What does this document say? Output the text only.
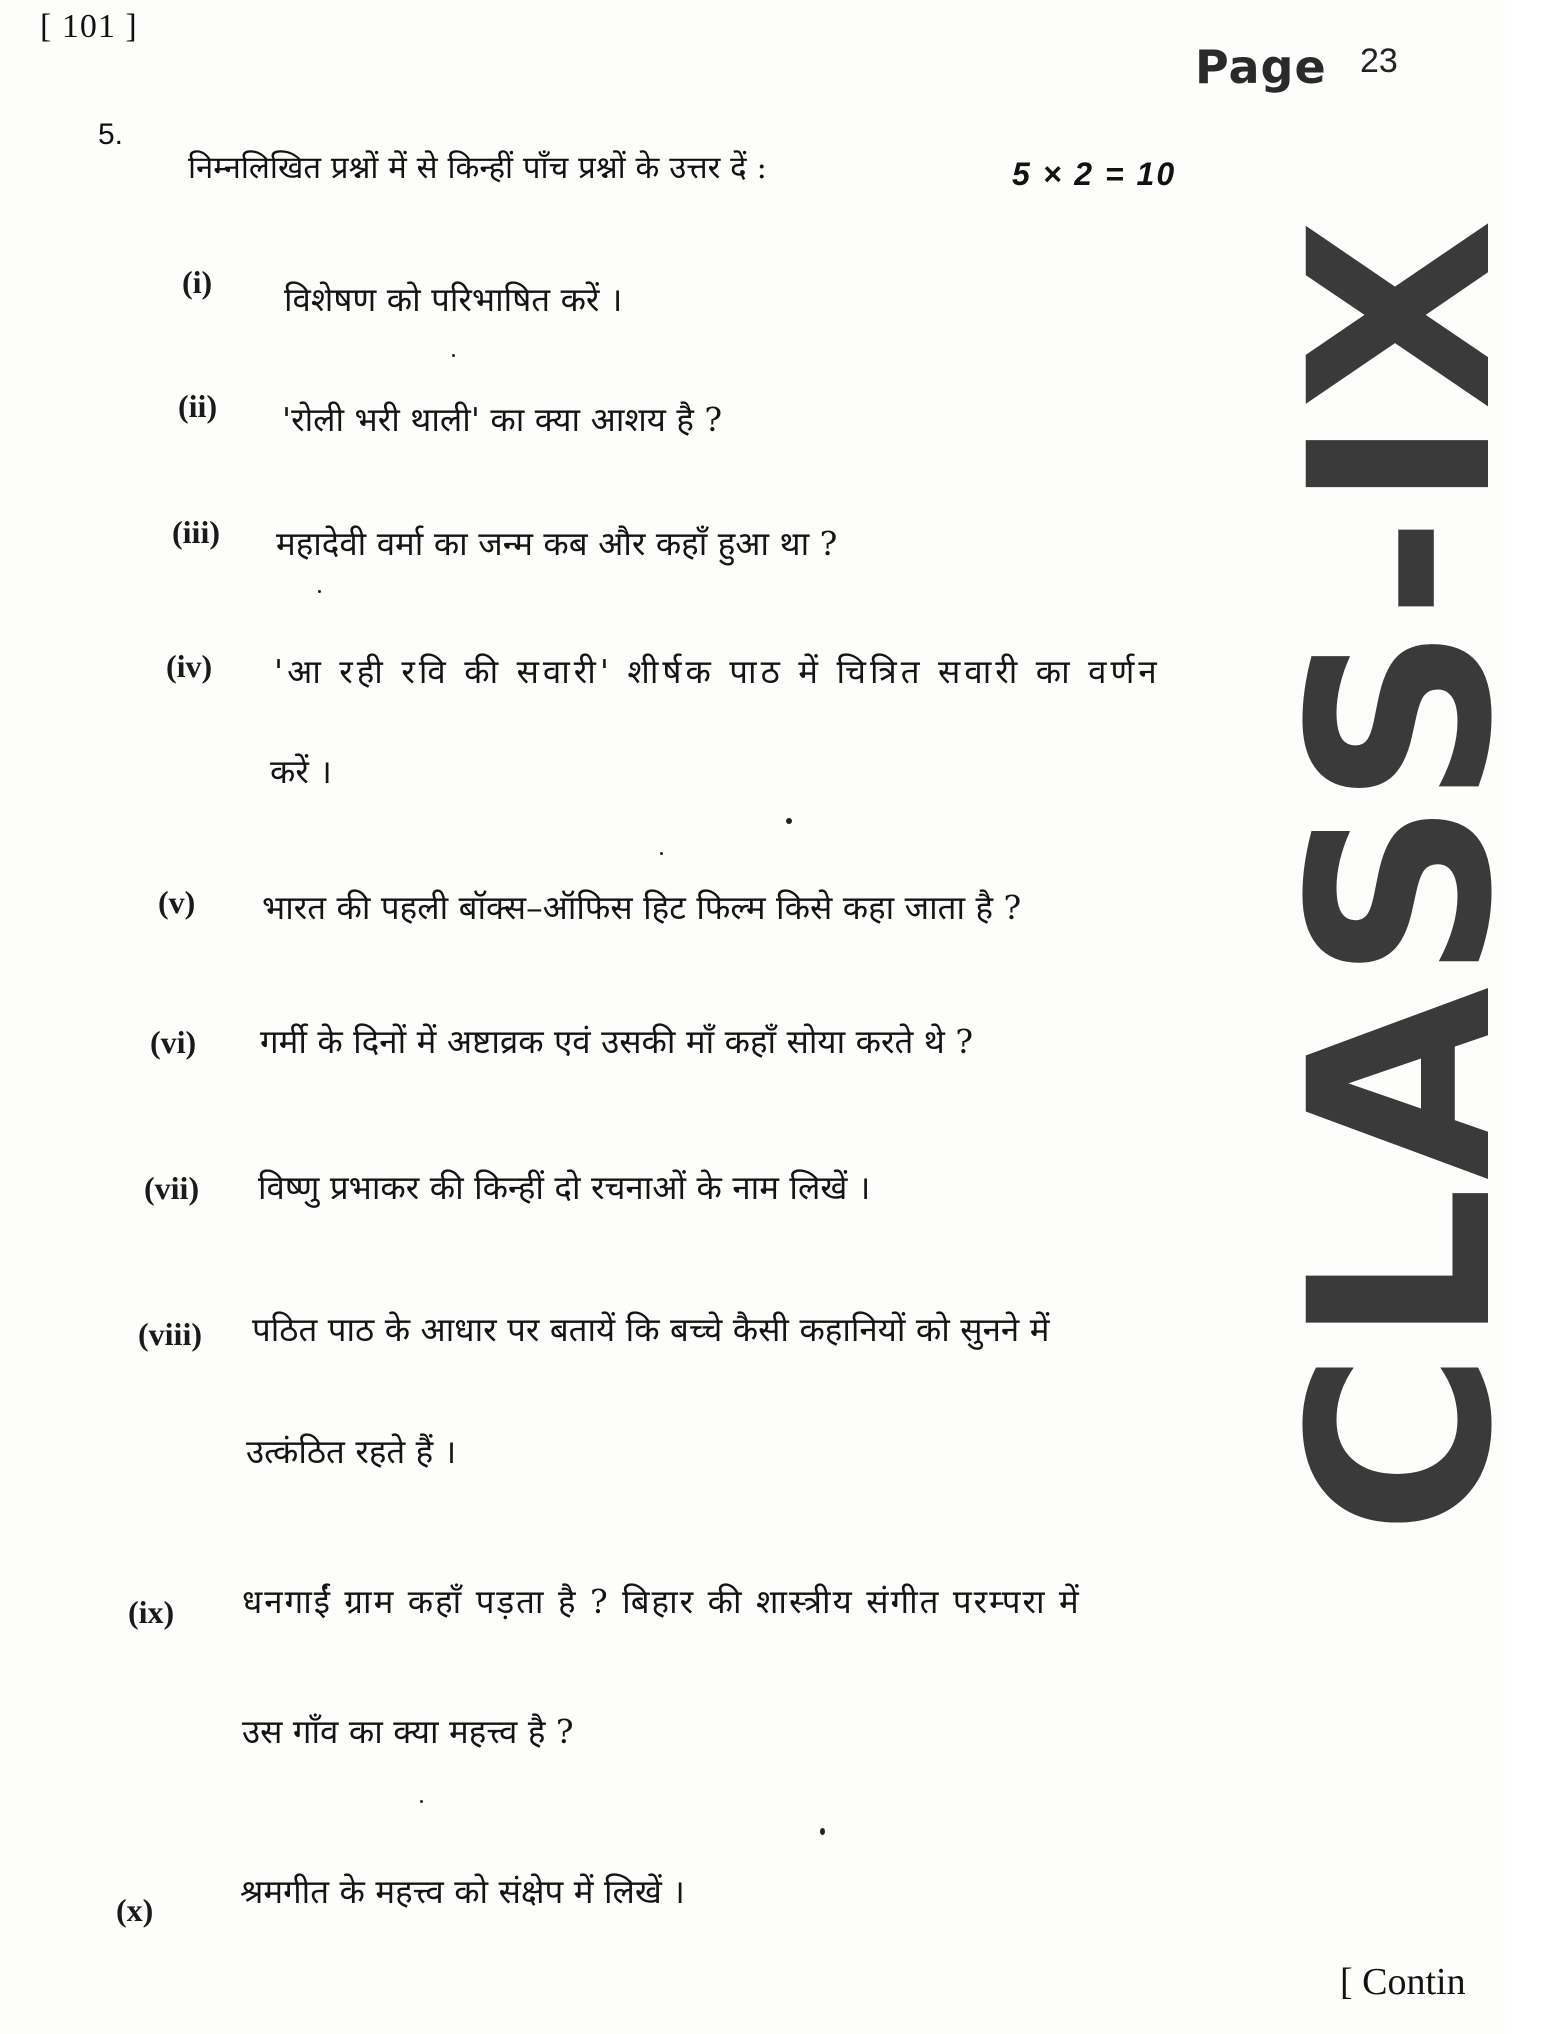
[ 101 ]
Page 23
5.
निम्नलिखित प्रश्नों में से किन्हीं पाँच प्रश्नों के उत्तर दें :	5 × 2 = 10
(i) विशेषण को परिभाषित करें ।
(ii) 'रोली भरी थाली' का क्या आशय है ?
(iii) महादेवी वर्मा का जन्म कब और कहाँ हुआ था ?
(iv) 'आ रही रवि की सवारी' शीर्षक पाठ में चित्रित सवारी का वर्णन
करें ।
(v) भारत की पहली बॉक्स–ऑफिस हिट फिल्म किसे कहा जाता है ?
(vi) गर्मी के दिनों में अष्टाव्रक एवं उसकी माँ कहाँ सोया करते थे ?
(vii) विष्णु प्रभाकर की किन्हीं दो रचनाओं के नाम लिखें ।
(viii) पठित पाठ के आधार पर बतायें कि बच्चे कैसी कहानियों को सुनने में
उत्कंठित रहते हैं ।
(ix) धनगाईं ग्राम कहाँ पड़ता है ? बिहार की शास्त्रीय संगीत परम्परा में
उस गाँव का क्या महत्त्व है ?
(x)	श्रमगीत के महत्त्व को संक्षेप में लिखें ।
CLASS-IX
[ Contin
